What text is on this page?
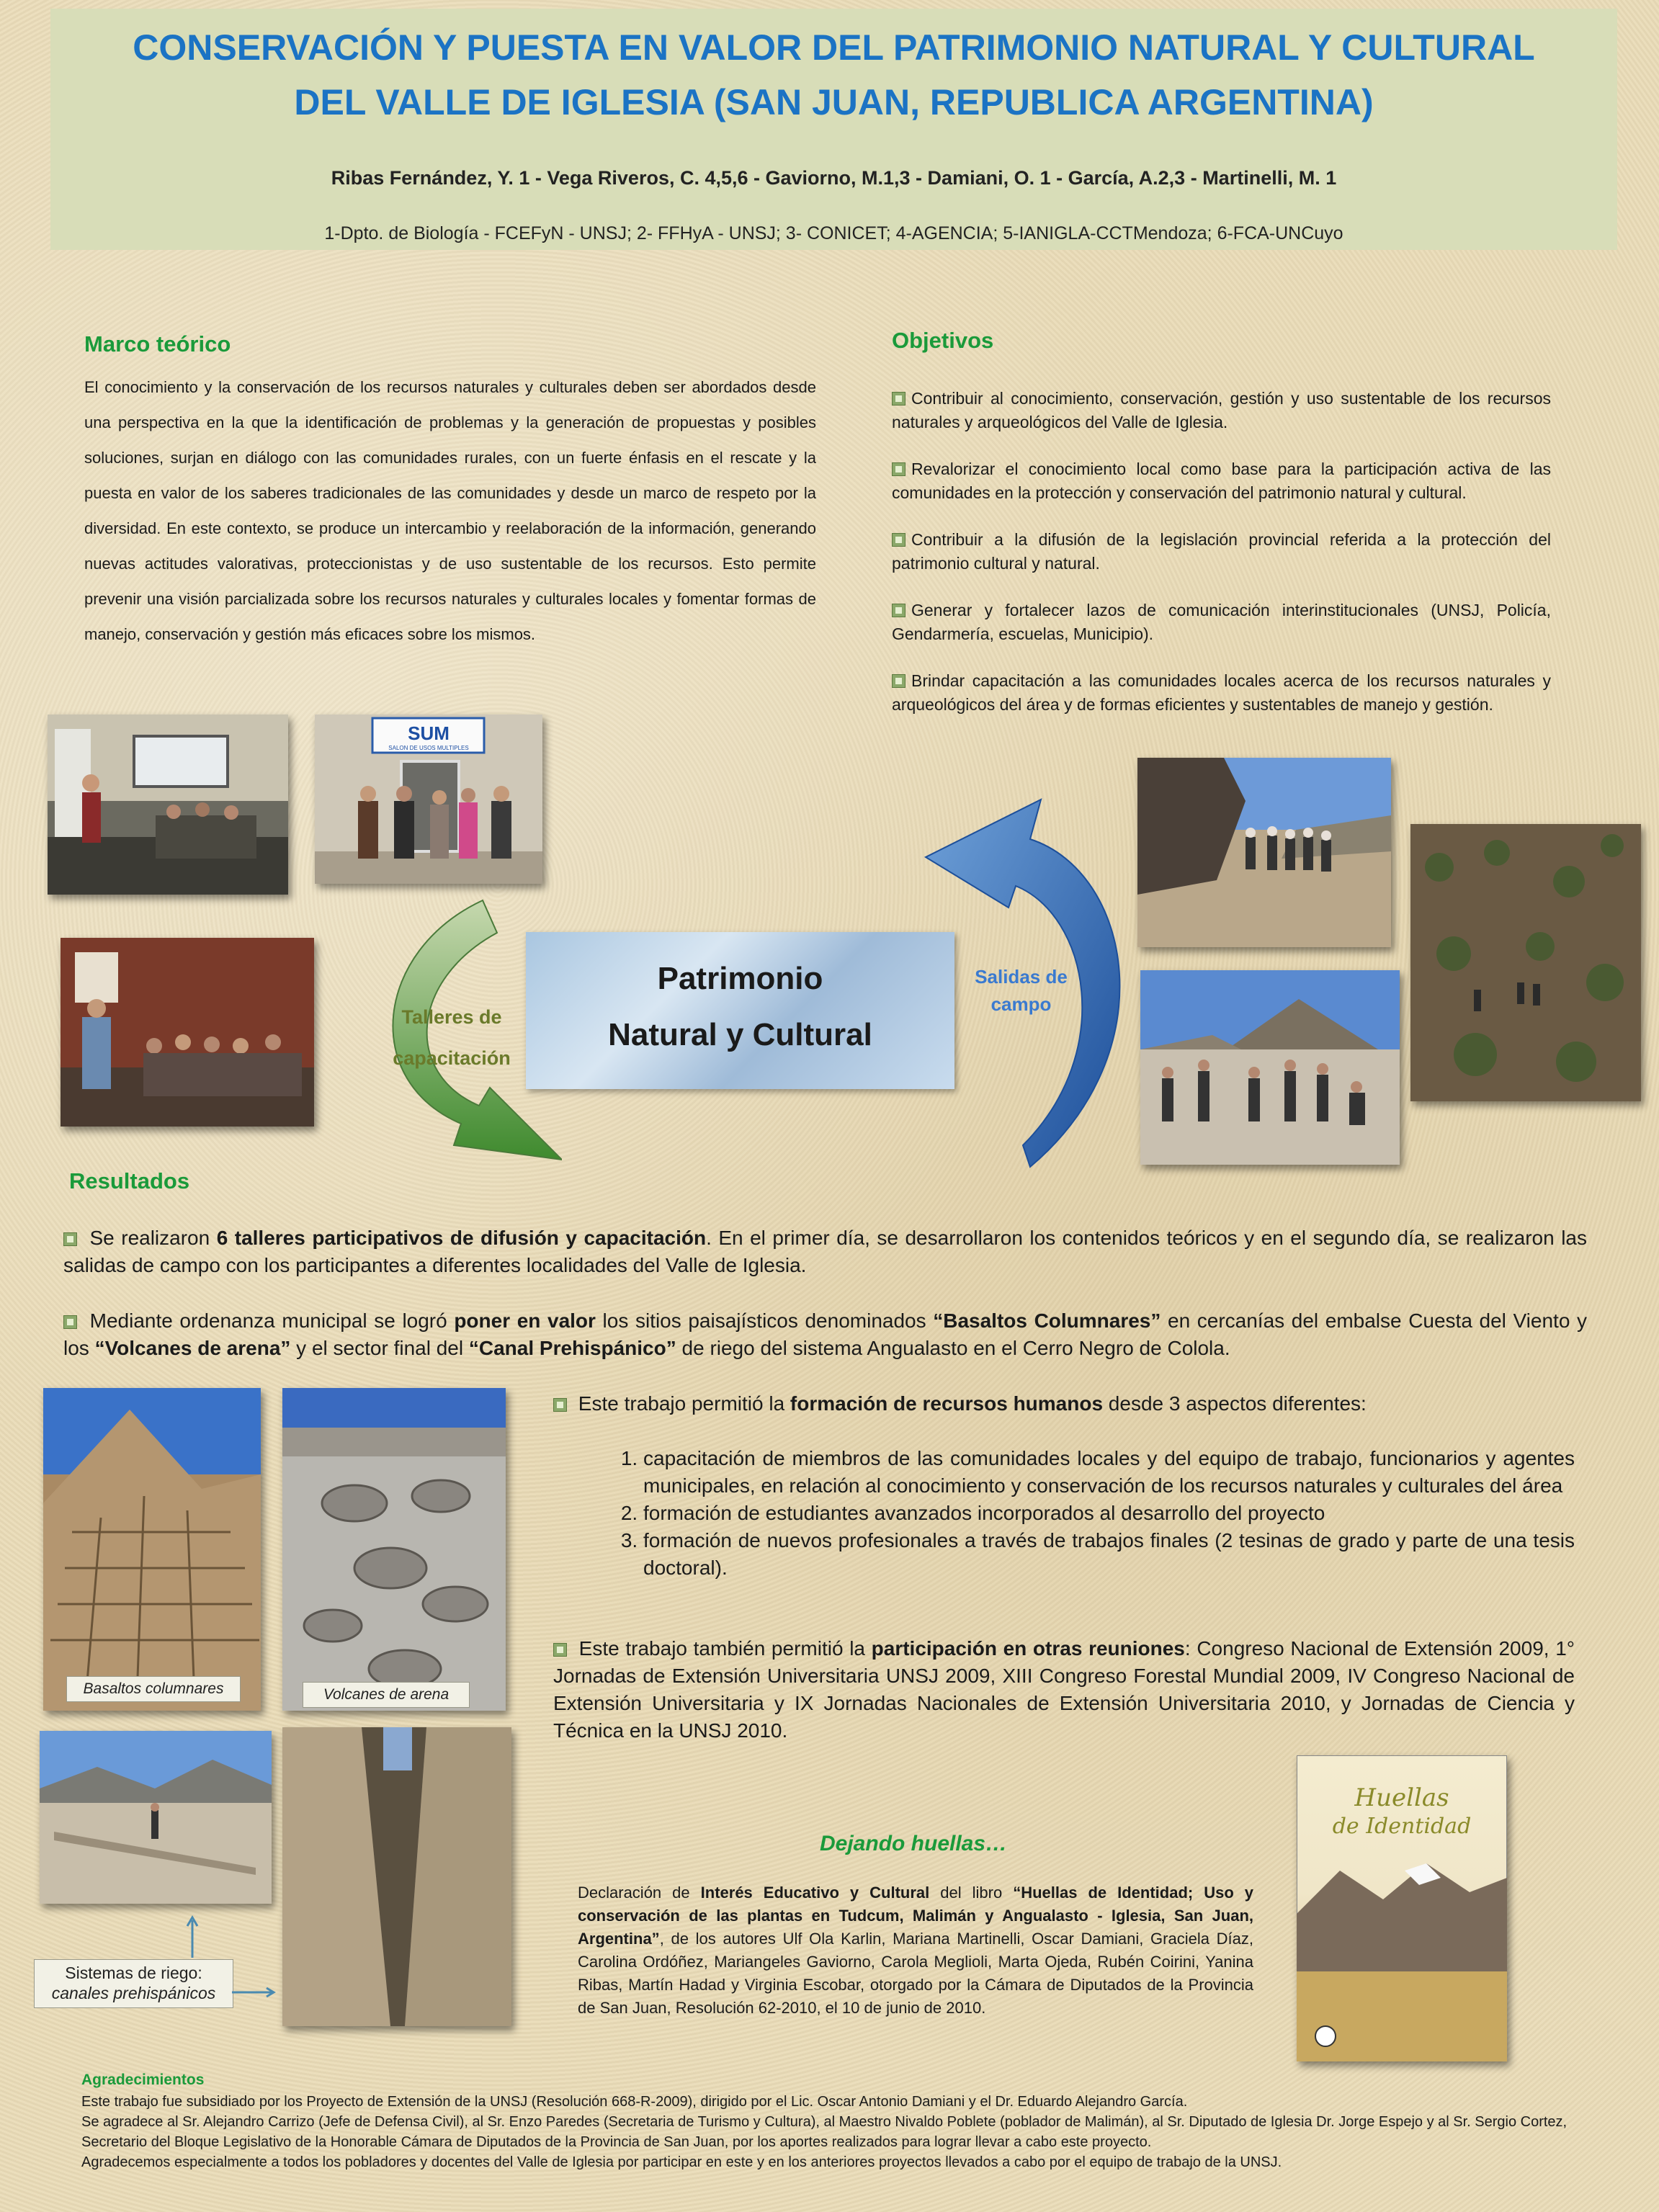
CONSERVACIÓN Y PUESTA EN VALOR DEL PATRIMONIO NATURAL Y CULTURAL
DEL VALLE DE IGLESIA (SAN JUAN, REPUBLICA ARGENTINA)
Ribas Fernández, Y. 1 - Vega Riveros, C. 4,5,6 - Gaviorno, M.1,3 - Damiani, O. 1 - García, A.2,3 - Martinelli, M. 1
1-Dpto. de Biología - FCEFyN - UNSJ; 2- FFHyA - UNSJ; 3- CONICET; 4-AGENCIA; 5-IANIGLA-CCTMendoza; 6-FCA-UNCuyo
Marco teórico
El conocimiento y la conservación de los recursos naturales y culturales deben ser abordados desde una perspectiva en la que la identificación de problemas y la generación de propuestas y posibles soluciones, surjan en diálogo con las comunidades rurales, con un fuerte énfasis en el rescate y la puesta en valor de los saberes tradicionales de las comunidades y desde un marco de respeto por la diversidad. En este contexto, se produce un intercambio y reelaboración de la información, generando nuevas actitudes valorativas, proteccionistas y de uso sustentable de los recursos. Esto permite prevenir una visión parcializada sobre los recursos naturales y culturales locales y fomentar formas de manejo, conservación y gestión más eficaces sobre los mismos.
Objetivos
Contribuir al conocimiento, conservación, gestión y uso sustentable de los recursos naturales y arqueológicos del Valle de Iglesia.
Revalorizar el conocimiento local como base para la participación activa de las comunidades en la protección y conservación del patrimonio natural y cultural.
Contribuir a la difusión de la legislación provincial referida a la protección del patrimonio cultural y natural.
Generar y fortalecer lazos de comunicación interinstitucionales (UNSJ, Policía, Gendarmería, escuelas, Municipio).
Brindar capacitación a las comunidades locales acerca de los recursos naturales y arqueológicos del área y de formas eficientes y sustentables de manejo y gestión.
SUM
SALON DE USOS MULTIPLES
Talleres de
capacitación
Patrimonio
Natural y Cultural
Salidas de
campo
Resultados
Se realizaron 6 talleres participativos de difusión y capacitación. En el primer día, se desarrollaron los contenidos teóricos y en el segundo día, se realizaron las salidas de campo con los participantes a diferentes localidades del Valle de Iglesia.
Mediante ordenanza municipal se logró poner en valor los sitios paisajísticos denominados “Basaltos Columnares” en cercanías del embalse Cuesta del Viento y los “Volcanes de arena” y el sector final del “Canal Prehispánico” de riego del sistema Angualasto en el Cerro Negro de Colola.
Basaltos columnares	Volcanes de arena
Sistemas de riego:
canales prehispánicos
Este trabajo permitió la formación de recursos humanos desde 3 aspectos diferentes:
1. capacitación de miembros de las comunidades locales y del equipo de trabajo, funcionarios y agentes municipales, en relación al conocimiento y conservación de los recursos naturales y culturales del área
2. formación de estudiantes avanzados incorporados al desarrollo del proyecto
3. formación de nuevos profesionales a través de trabajos finales (2 tesinas de grado y parte de una tesis doctoral).
Este trabajo también permitió la participación en otras reuniones: Congreso Nacional de Extensión 2009, 1° Jornadas de Extensión Universitaria UNSJ 2009, XIII Congreso Forestal Mundial 2009, IV Congreso Nacional de Extensión Universitaria y IX Jornadas Nacionales de Extensión Universitaria 2010, y Jornadas de Ciencia y Técnica en la UNSJ 2010.
Dejando huellas…
Declaración de Interés Educativo y Cultural del libro “Huellas de Identidad; Uso y conservación de las plantas en Tudcum, Malimán y Angualasto - Iglesia, San Juan, Argentina”, de los autores Ulf Ola Karlin, Mariana Martinelli, Oscar Damiani, Graciela Díaz, Carolina Ordóñez, Mariangeles Gaviorno, Carola Meglioli, Marta Ojeda, Rubén Coirini, Yanina Ribas, Martín Hadad y Virginia Escobar, otorgado por la Cámara de Diputados de la Provincia de San Juan, Resolución 62-2010, el 10 de junio de 2010.
Huellas
de Identidad
Agradecimientos
Este trabajo fue subsidiado por los Proyecto de Extensión de la UNSJ (Resolución 668-R-2009), dirigido por el Lic. Oscar Antonio Damiani y el Dr. Eduardo Alejandro García.
Se agradece al Sr. Alejandro Carrizo (Jefe de Defensa Civil), al Sr. Enzo Paredes (Secretaria de Turismo y Cultura), al Maestro Nivaldo Poblete (poblador de Malimán), al Sr. Diputado de Iglesia Dr. Jorge Espejo y al Sr. Sergio Cortez, Secretario del Bloque Legislativo de la Honorable Cámara de Diputados de la Provincia de San Juan, por los aportes realizados para lograr llevar a cabo este proyecto.
Agradecemos especialmente a todos los pobladores y docentes del Valle de Iglesia por participar en este y en los anteriores proyectos llevados a cabo por el equipo de trabajo de la UNSJ.
